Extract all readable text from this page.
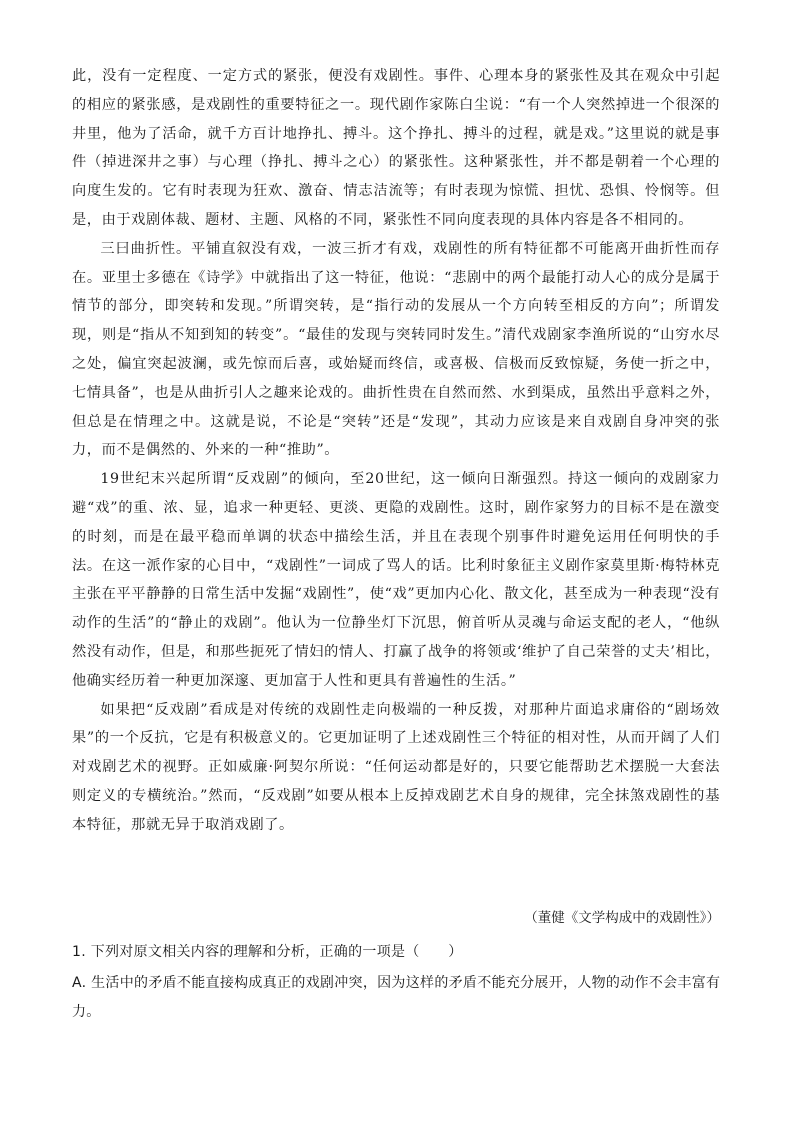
此，没有一定程度、一定方式的紧张，便没有戏剧性。事件、心理本身的紧张性及其在观众中引起的相应的紧张感，是戏剧性的重要特征之一。现代剧作家陈白尘说：“有一个人突然掉进一个很深的井里，他为了活命，就千方百计地挣扎、搏斗。这个挣扎、搏斗的过程，就是戏。”这里说的就是事件（掉进深井之事）与心理（挣扎、搏斗之心）的紧张性。这种紧张性，并不都是朝着一个心理的向度生发的。它有时表现为狂欢、激奋、情志洁流等；有时表现为惊慌、担忧、恐惧、怜悯等。但是，由于戏剧体裁、题材、主题、风格的不同，紧张性不同向度表现的具体内容是各不相同的。

三曰曲折性。平铺直叙没有戏，一波三折才有戏，戏剧性的所有特征都不可能离开曲折性而存在。亚里士多德在《诗学》中就指出了这一特征，他说：“悲剧中的两个最能打动人心的成分是属于情节的部分，即突转和发现。”所谓突转，是“指行动的发展从一个方向转至相反的方向”；所谓发现，则是“指从不知到知的转变”。“最佳的发现与突转同时发生。”清代戏剧家李渔所说的“山穷水尽之处，偏宜突起波澜，或先惊而后喜，或始疑而终信，或喜极、信极而反致惊疑，务使一折之中，七情具备”，也是从曲折引人之趣来论戏的。曲折性贵在自然而然、水到渠成，虽然出乎意料之外，但总是在情理之中。这就是说，不论是“突转”还是“发现”，其动力应该是来自戏剧自身冲突的张力，而不是偶然的、外来的一种“推助”。

19世纪末兴起所谓“反戏剧”的倾向，至20世纪，这一倾向日渐强烈。持这一倾向的戏剧家力避“戏”的重、浓、显，追求一种更轻、更淡、更隐的戏剧性。这时，剧作家努力的目标不是在激变的时刻，而是在最平稳而单调的状态中描绘生活，并且在表现个别事件时避免运用任何明快的手法。在这一派作家的心目中，“戏剧性”一词成了骂人的话。比利时象征主义剧作家莫里斯·梅特林克主张在平平静静的日常生活中发掘“戏剧性”，使“戏”更加内心化、散文化，甚至成为一种表现“没有动作的生活”的“静止的戏剧”。他认为一位静坐灯下沉思，俯首听从灵魂与命运支配的老人，“他纵然没有动作，但是，和那些扼死了情妇的情人、打赢了战争的将领或‘维护了自己荣誉的丈夫’相比，他确实经历着一种更加深邃、更加富于人性和更具有普遍性的生活。”

如果把“反戏剧”看成是对传统的戏剧性走向极端的一种反拨，对那种片面追求庸俗的“剧场效果”的一个反抗，它是有积极意义的。它更加证明了上述戏剧性三个特征的相对性，从而开阔了人们对戏剧艺术的视野。正如威廉·阿契尔所说：“任何运动都是好的，只要它能帮助艺术摆脱一大套法则定义的专横统治。”然而，“反戏剧”如要从根本上反掉戏剧艺术自身的规律，完全抹煞戏剧性的基本特征，那就无异于取消戏剧了。

（董健《文学构成中的戏剧性》）

1. 下列对原文相关内容的理解和分析，正确的一项是（　　）

A. 生活中的矛盾不能直接构成真正的戏剧冲突，因为这样的矛盾不能充分展开，人物的动作不会丰富有力。
